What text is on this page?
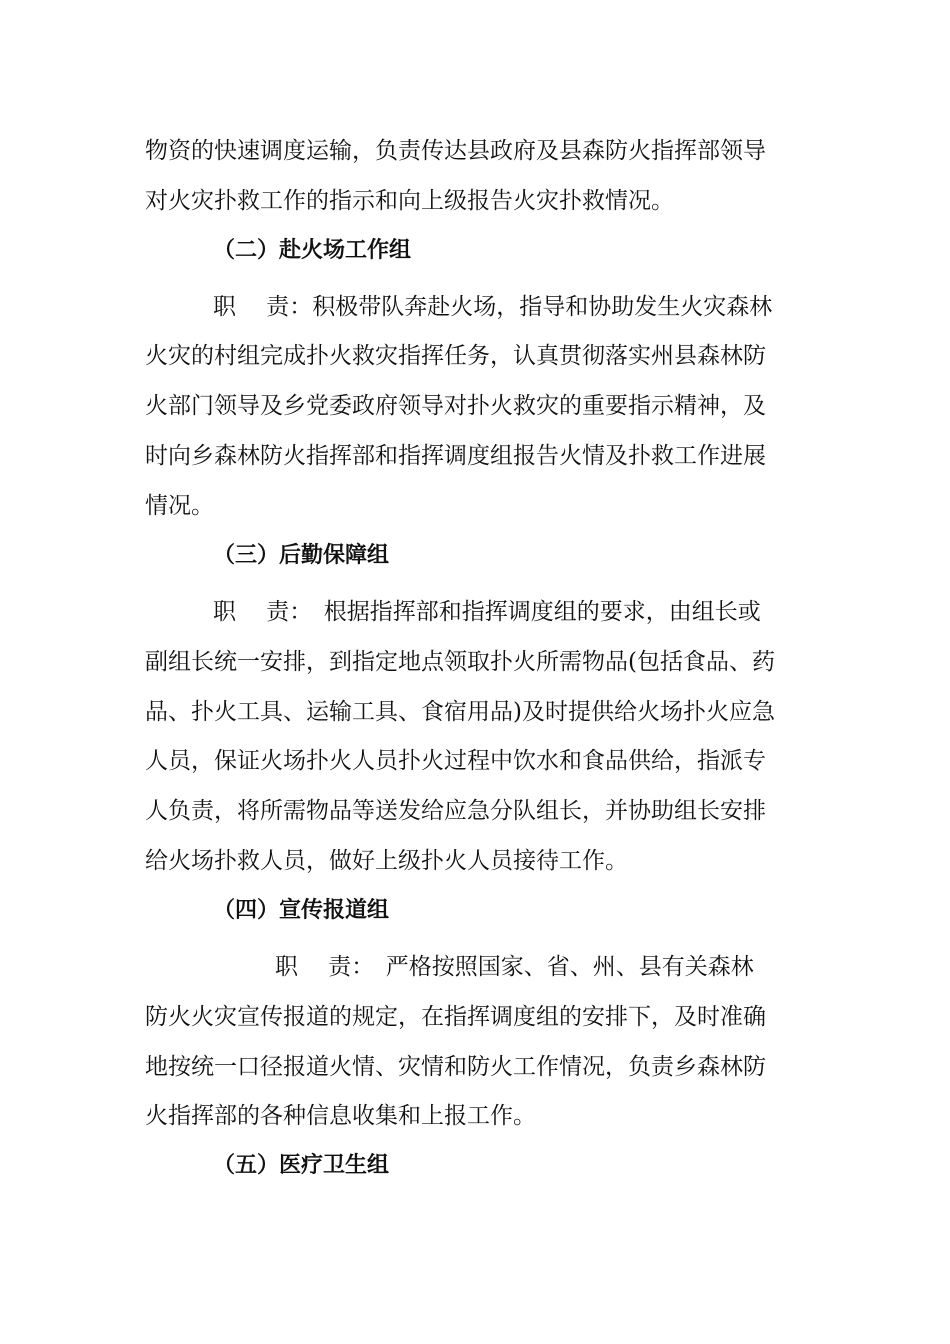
物资的快速调度运输，负责传达县政府及县森防火指挥部领导
对火灾扑救工作的指示和向上级报告火灾扑救情况。
（二）赴火场工作组
职　 责：积极带队奔赴火场，指导和协助发生火灾森林
火灾的村组完成扑火救灾指挥任务，认真贯彻落实州县森林防
火部门领导及乡党委政府领导对扑火救灾的重要指示精神，及
时向乡森林防火指挥部和指挥调度组报告火情及扑救工作进展
情况。
（三）后勤保障组
职　 责：　根据指挥部和指挥调度组的要求，由组长或
副组长统一安排，到指定地点领取扑火所需物品(包括食品、药
品、扑火工具、运输工具、食宿用品)及时提供给火场扑火应急
人员，保证火场扑火人员扑火过程中饮水和食品供给，指派专
人负责，将所需物品等送发给应急分队组长，并协助组长安排
给火场扑救人员，做好上级扑火人员接待工作。
（四）宣传报道组
职　 责：　严格按照国家、省、州、县有关森林
防火火灾宣传报道的规定，在指挥调度组的安排下，及时准确
地按统一口径报道火情、灾情和防火工作情况，负责乡森林防
火指挥部的各种信息收集和上报工作。
（五）医疗卫生组
